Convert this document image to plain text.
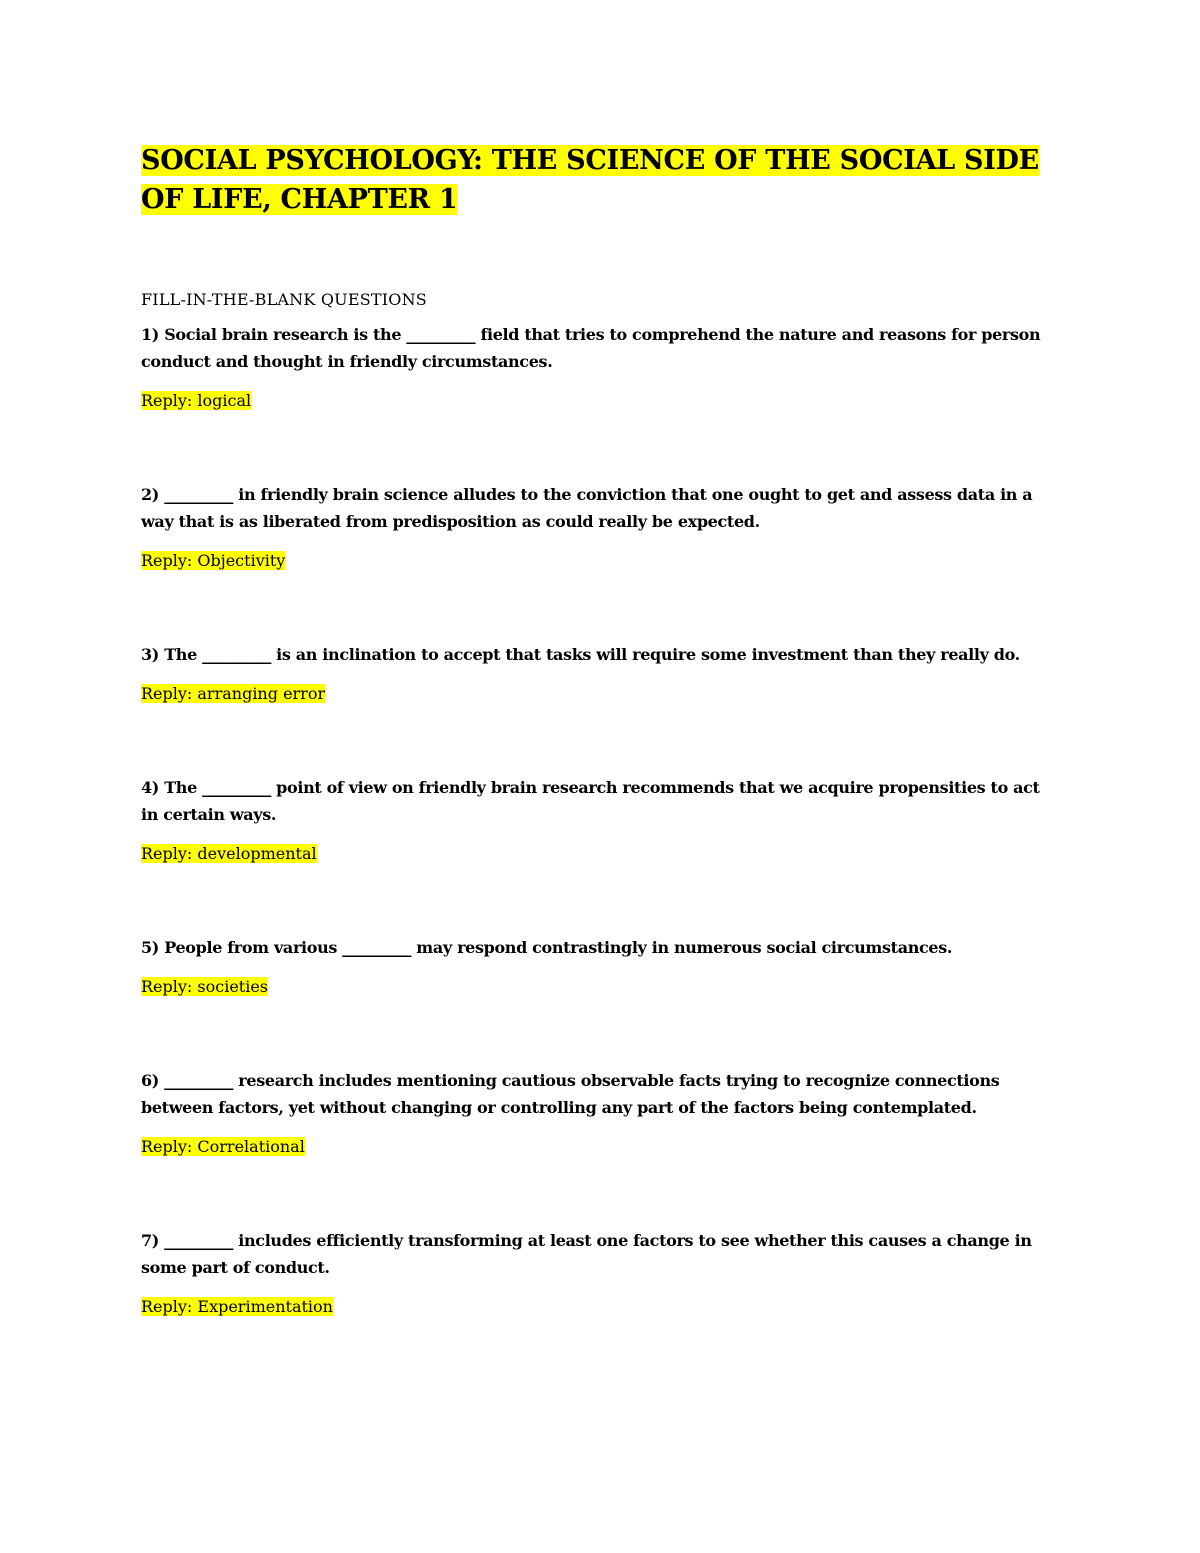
SOCIAL PSYCHOLOGY: THE SCIENCE OF THE SOCIAL SIDE OF LIFE, CHAPTER 1

FILL-IN-THE-BLANK QUESTIONS

1) Social brain research is the _________ field that tries to comprehend the nature and reasons for person conduct and thought in friendly circumstances.

Reply: logical

2) _________ in friendly brain science alludes to the conviction that one ought to get and assess data in a way that is as liberated from predisposition as could really be expected.

Reply: Objectivity

3) The _________ is an inclination to accept that tasks will require some investment than they really do.

Reply: arranging error

4) The _________ point of view on friendly brain research recommends that we acquire propensities to act in certain ways.

Reply: developmental

5) People from various _________ may respond contrastingly in numerous social circumstances.

Reply: societies

6) _________ research includes mentioning cautious observable facts trying to recognize connections between factors, yet without changing or controlling any part of the factors being contemplated.

Reply: Correlational

7) _________ includes efficiently transforming at least one factors to see whether this causes a change in some part of conduct.

Reply: Experimentation
